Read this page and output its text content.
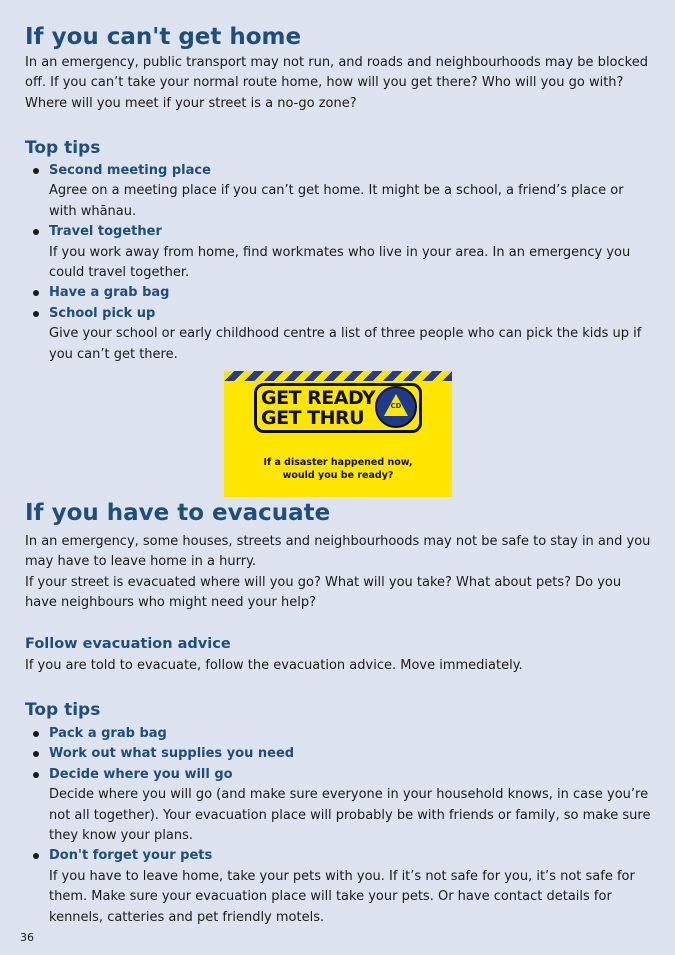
If you can't get home

In an emergency, public transport may not run, and roads and neighbourhoods may be blocked off. If you can’t take your normal route home, how will you get there? Who will you go with? Where will you meet if your street is a no-go zone?

Top tips
Second meeting place
Agree on a meeting place if you can’t get home. It might be a school, a friend’s place or with whānau.
Travel together
If you work away from home, find workmates who live in your area. In an emergency you could travel together.
Have a grab bag
School pick up
Give your school or early childhood centre a list of three people who can pick the kids up if you can’t get there.
GET READY
GET THRU
CD
If a disaster happened now,
would you be ready?
If you have to evacuate

In an emergency, some houses, streets and neighbourhoods may not be safe to stay in and you may have to leave home in a hurry.

If your street is evacuated where will you go? What will you take? What about pets? Do you have neighbours who might need your help?

Follow evacuation advice

If you are told to evacuate, follow the evacuation advice. Move immediately.

Top tips
Pack a grab bag
Work out what supplies you need
Decide where you will go
Decide where you will go (and make sure everyone in your household knows, in case you’re not all together). Your evacuation place will probably be with friends or family, so make sure they know your plans.
Don't forget your pets
If you have to leave home, take your pets with you. If it’s not safe for you, it’s not safe for them. Make sure your evacuation place will take your pets. Or have contact details for kennels, catteries and pet friendly motels.
36
